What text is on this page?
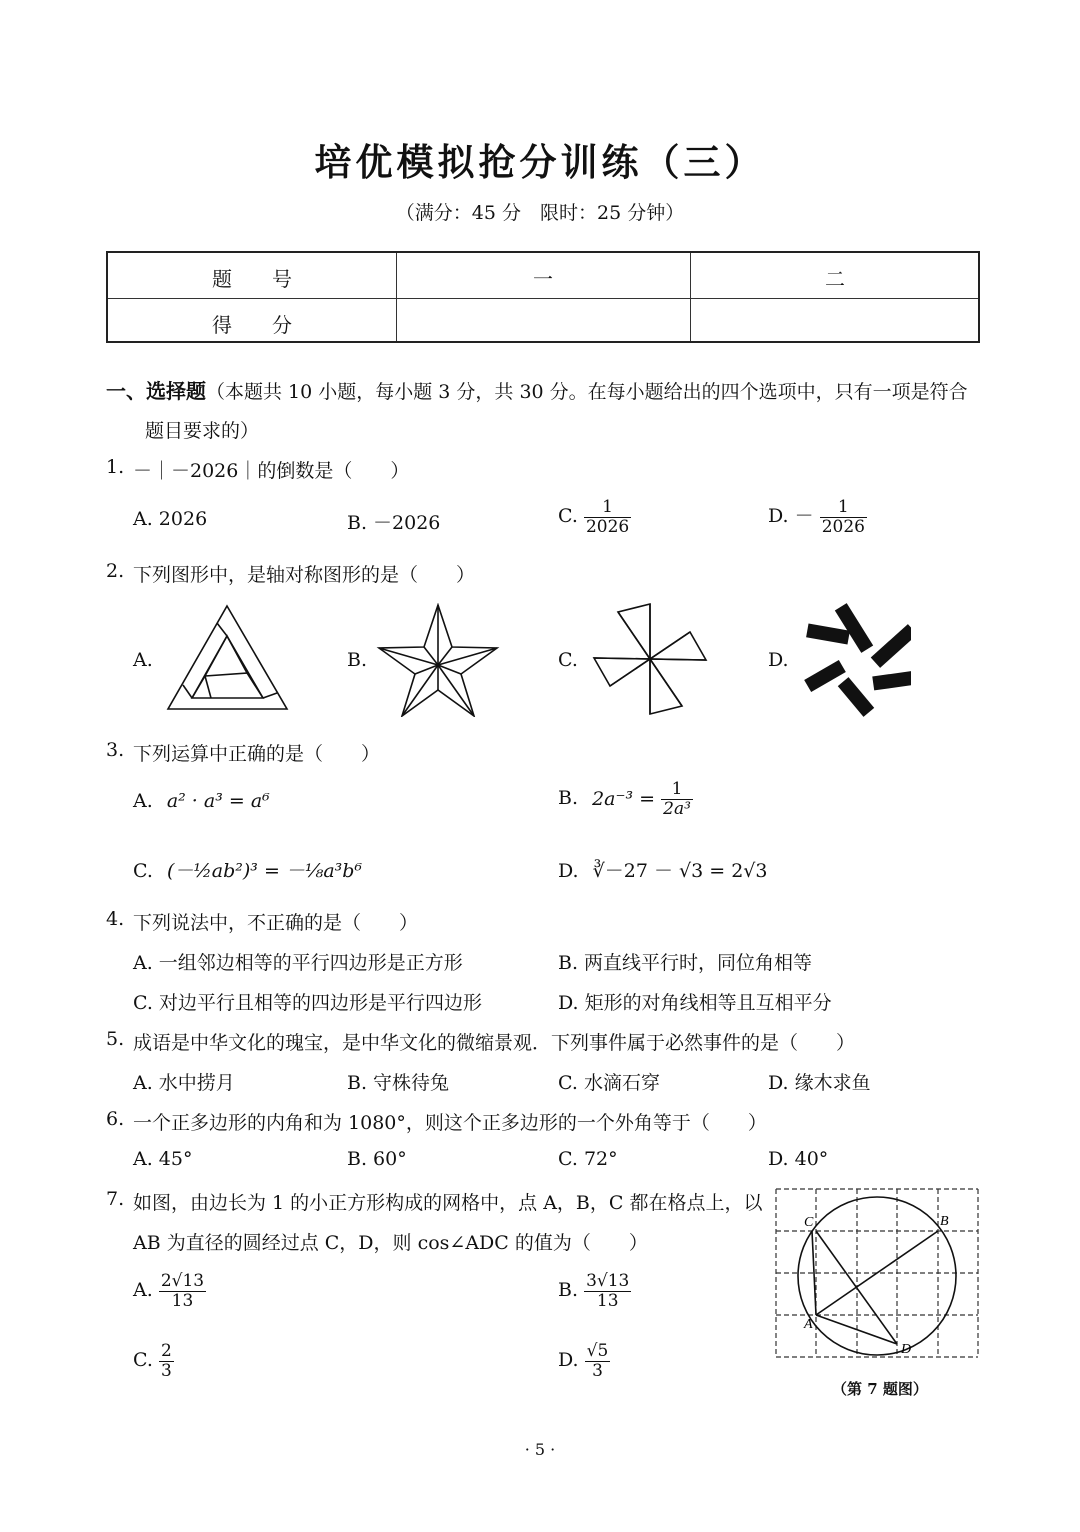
培优模拟抢分训练（三）
（满分：45 分　限时：25 分钟）
题　　号	一	二
得　　分
一、选择题（本题共 10 小题，每小题 3 分，共 30 分。在每小题给出的四个选项中，只有一项是符合
题目要求的）
1. －｜－2026｜的倒数是（　　）
A. 2026	B. －2026	C. $\frac{1}{2026}$	D. － $\frac{1}{2026}$
2. 下列图形中，是轴对称图形的是（　　）
A.	B.	C.	D.
3. 下列运算中正确的是（　　）
A. a² · a³ = a⁶	B. $2a^{-3} = \frac{1}{\text{2a³}}$
C. (－½ab²)³ = －⅛a³b⁶	D. ∛－27 － √3 = 2√3
4. 下列说法中，不正确的是（　　）
A. 一组邻边相等的平行四边形是正方形	B. 两直线平行时，同位角相等
C. 对边平行且相等的四边形是平行四边形	D. 矩形的对角线相等且互相平分
5. 成语是中华文化的瑰宝，是中华文化的微缩景观．下列事件属于必然事件的是（　　）
A. 水中捞月	B. 守株待兔	C. 水滴石穿	D. 缘木求鱼
6. 一个正多边形的内角和为 1080°，则这个正多边形的一个外角等于（　　）
A. 45°	B. 60°	C. 72°	D. 40°
7. 如图，由边长为 1 的小正方形构成的网格中，点 A，B，C 都在格点上，以
AB 为直径的圆经过点 C，D，则 cos∠ADC 的值为（　　）
A. $\frac{2√13}{13}$	B. $\frac{3√13}{13}$
C. $\frac{2}{3}$	D. $\frac{√5}{3}$
C	B
A
D
（第 7 题图）
· 5 ·
